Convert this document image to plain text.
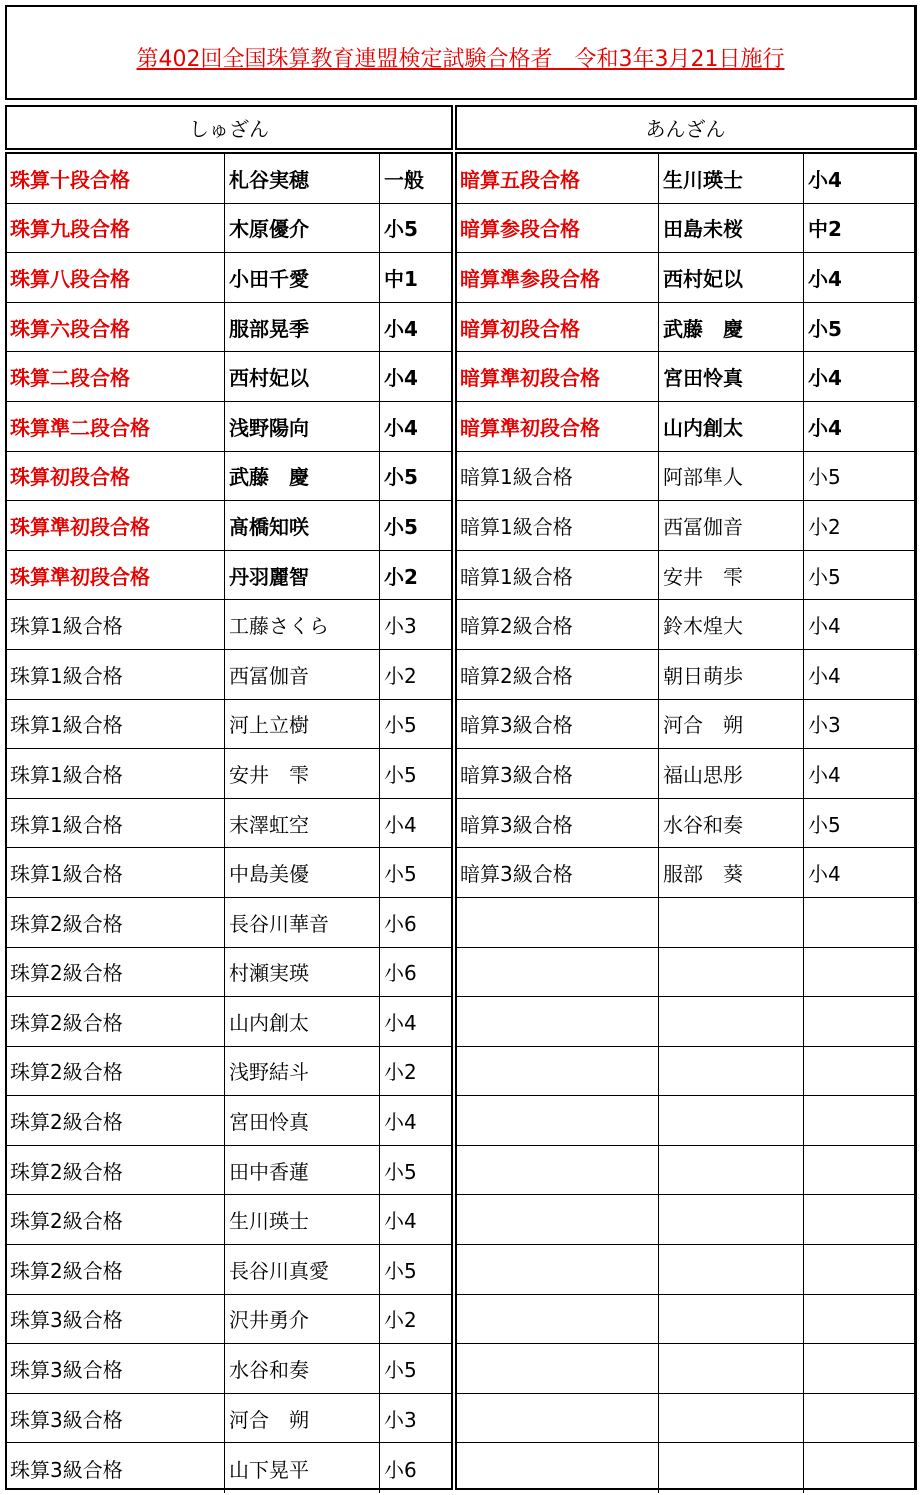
第402回全国珠算教育連盟検定試験合格者　令和3年3月21日施行
しゅざん	あんざん
珠算十段合格	札谷実穂	一般
珠算九段合格	木原優介	小5
珠算八段合格	小田千愛	中1
珠算六段合格	服部晃季	小4
珠算二段合格	西村妃以	小4
珠算準二段合格	浅野陽向	小4
珠算初段合格	武藤　慶	小5
珠算準初段合格	髙橋知咲	小5
珠算準初段合格	丹羽麗智	小2
珠算1級合格	工藤さくら	小3
珠算1級合格	西冨伽音	小2
珠算1級合格	河上立樹	小5
珠算1級合格	安井　雫	小5
珠算1級合格	末澤虹空	小4
珠算1級合格	中島美優	小5
珠算2級合格	長谷川華音	小6
珠算2級合格	村瀬実瑛	小6
珠算2級合格	山内創太	小4
珠算2級合格	浅野結斗	小2
珠算2級合格	宮田怜真	小4
珠算2級合格	田中香蓮	小5
珠算2級合格	生川瑛士	小4
珠算2級合格	長谷川真愛	小5
珠算3級合格	沢井勇介	小2
珠算3級合格	水谷和奏	小5
珠算3級合格	河合　朔	小3
珠算3級合格	山下晃平	小6
暗算五段合格	生川瑛士	小4
暗算参段合格	田島未桜	中2
暗算準参段合格	西村妃以	小4
暗算初段合格	武藤　慶	小5
暗算準初段合格	宮田怜真	小4
暗算準初段合格	山内創太	小4
暗算1級合格	阿部隼人	小5
暗算1級合格	西冨伽音	小2
暗算1級合格	安井　雫	小5
暗算2級合格	鈴木煌大	小4
暗算2級合格	朝日萌歩	小4
暗算3級合格	河合　朔	小3
暗算3級合格	福山思彤	小4
暗算3級合格	水谷和奏	小5
暗算3級合格	服部　葵	小4
